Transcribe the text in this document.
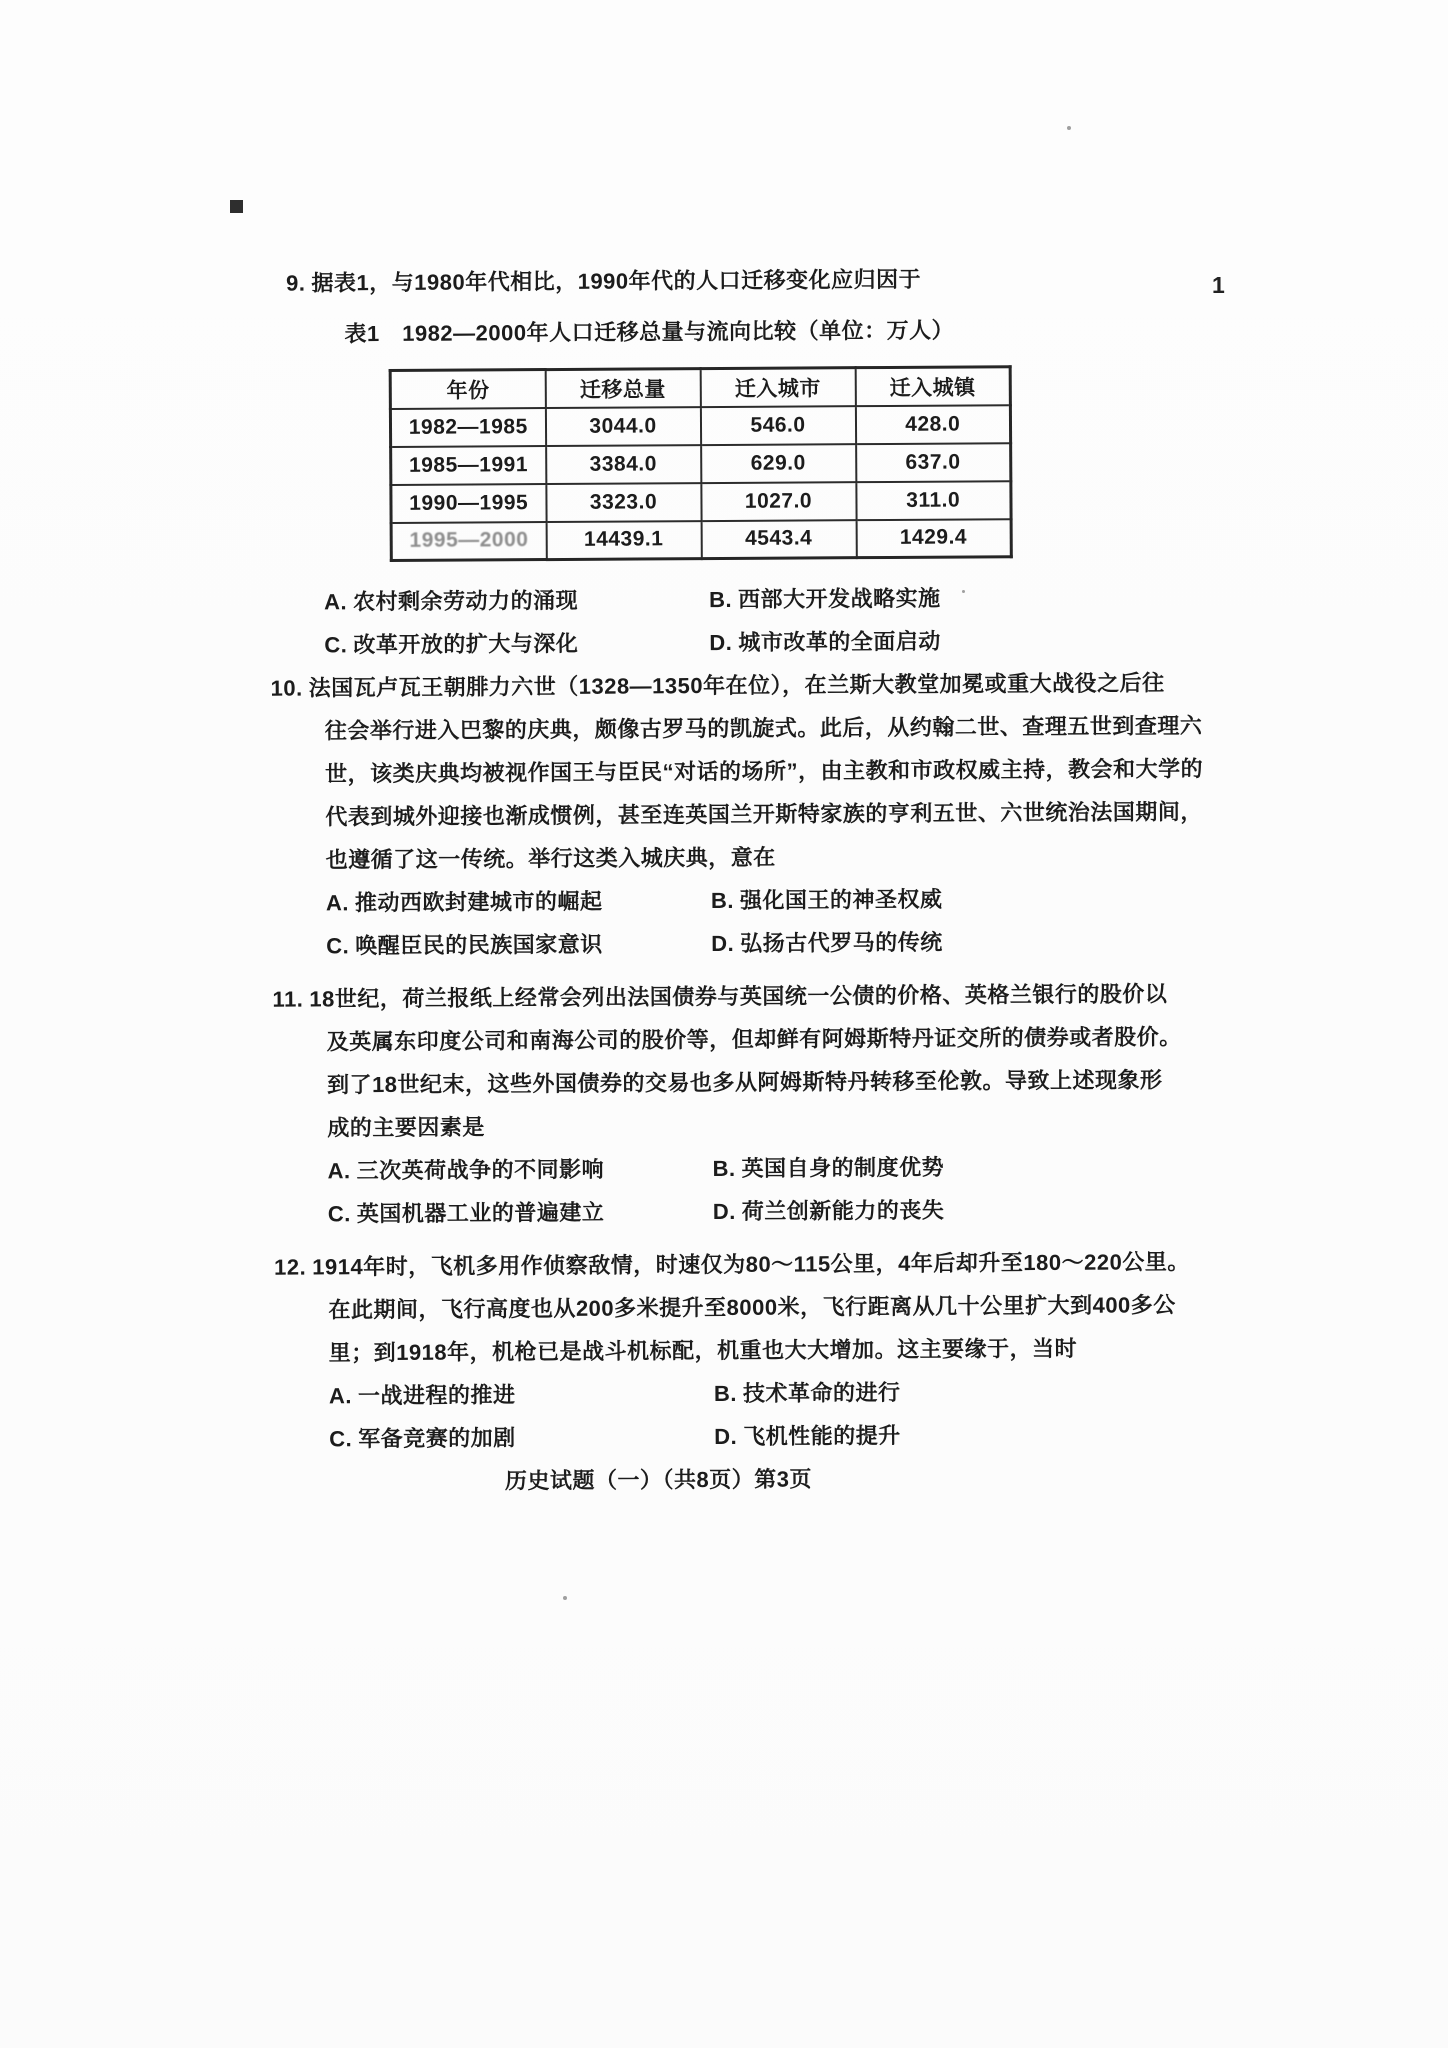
1
9. 据表1，与1980年代相比，1990年代的人口迁移变化应归因于
表1　1982—2000年人口迁移总量与流向比较（单位：万人）
年份	迁移总量	迁入城市	迁入城镇
1982—1985	3044.0	546.0	428.0
1985—1991	3384.0	629.0	637.0
1990—1995	3323.0	1027.0	311.0
1995—2000	14439.1	4543.4	1429.4
A. 农村剩余劳动力的涌现	B. 西部大开发战略实施
C. 改革开放的扩大与深化	D. 城市改革的全面启动
10. 法国瓦卢瓦王朝腓力六世（1328—1350年在位），在兰斯大教堂加冕或重大战役之后往
往会举行进入巴黎的庆典，颇像古罗马的凯旋式。此后，从约翰二世、查理五世到查理六
世，该类庆典均被视作国王与臣民“对话的场所”，由主教和市政权威主持，教会和大学的
代表到城外迎接也渐成惯例，甚至连英国兰开斯特家族的亨利五世、六世统治法国期间，
也遵循了这一传统。举行这类入城庆典，意在
A. 推动西欧封建城市的崛起	B. 强化国王的神圣权威
C. 唤醒臣民的民族国家意识	D. 弘扬古代罗马的传统
11. 18世纪，荷兰报纸上经常会列出法国债券与英国统一公债的价格、英格兰银行的股价以
及英属东印度公司和南海公司的股价等，但却鲜有阿姆斯特丹证交所的债券或者股价。
到了18世纪末，这些外国债券的交易也多从阿姆斯特丹转移至伦敦。导致上述现象形
成的主要因素是
A. 三次英荷战争的不同影响	B. 英国自身的制度优势
C. 英国机器工业的普遍建立	D. 荷兰创新能力的丧失
12. 1914年时，飞机多用作侦察敌情，时速仅为80～115公里，4年后却升至180～220公里。
在此期间，飞行高度也从200多米提升至8000米，飞行距离从几十公里扩大到400多公
里；到1918年，机枪已是战斗机标配，机重也大大增加。这主要缘于，当时
A. 一战进程的推进	B. 技术革命的进行
C. 军备竞赛的加剧	D. 飞机性能的提升
历史试题（一）（共8页）第3页
